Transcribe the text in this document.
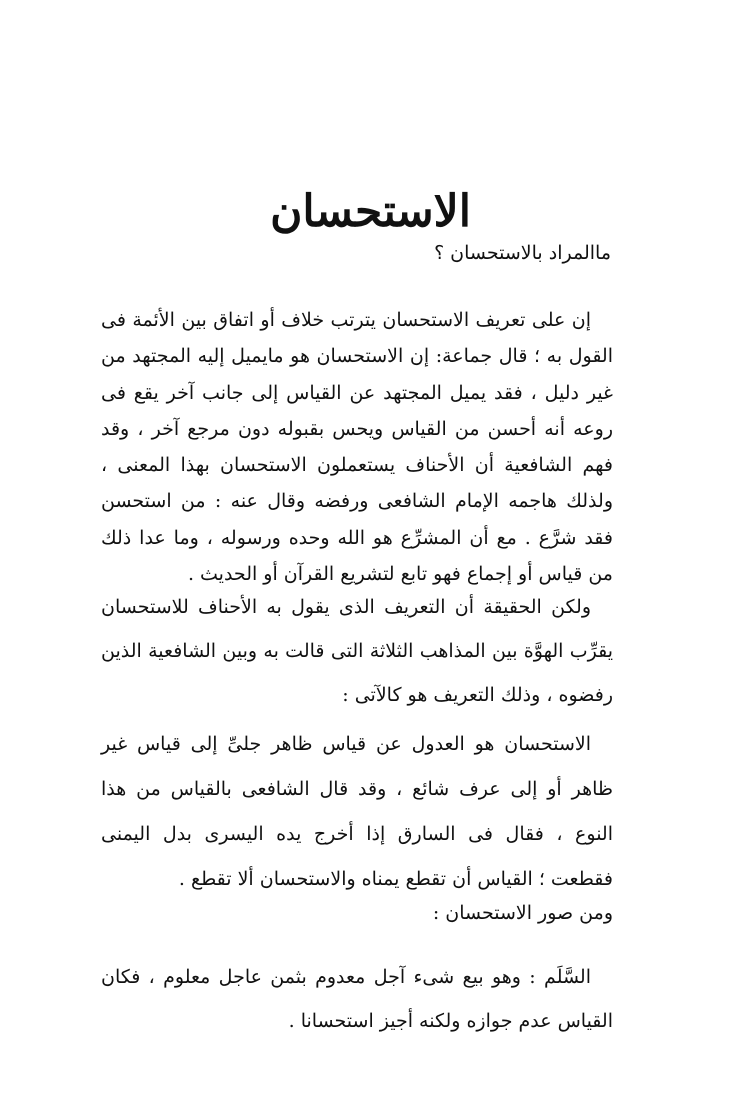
الاستحسان

ماالمراد بالاستحسان ؟

إن على تعريف الاستحسان يترتب خلاف أو اتفاق بين الأئمة فى القول به ؛ قال جماعة: إن الاستحسان هو مايميل إليه المجتهد من غير دليل ، فقد يميل المجتهد عن القياس إلى جانب آخر يقع فى روعه أنه أحسن من القياس ويحس بقبوله دون مرجع آخر ، وقد فهم الشافعية أن الأحناف يستعملون الاستحسان بهذا المعنى ، ولذلك هاجمه الإمام الشافعى ورفضه وقال عنه : من استحسن فقد شرَّع . مع أن المشرِّع هو الله وحده ورسوله ، وما عدا ذلك من قياس أو إجماع فهو تابع لتشريع القرآن أو الحديث .

ولكن الحقيقة أن التعريف الذى يقول به الأحناف للاستحسان يقرِّب الهوَّة بين المذاهب الثلاثة التى قالت به وبين الشافعية الذين رفضوه ، وذلك التعريف هو كالآتى :

الاستحسان هو العدول عن قياس ظاهر جلىِّ إلى قياس غير ظاهر أو إلى عرف شائع ، وقد قال الشافعى بالقياس من هذا النوع ، فقال فى السارق إذا أخرج يده اليسرى بدل اليمنى فقطعت ؛ القياس أن تقطع يمناه والاستحسان ألا تقطع .

ومن صور الاستحسان :

السَّلَم : وهو بيع شىء آجل معدوم بثمن عاجل معلوم ، فكان القياس عدم جوازه ولكنه أجيز استحسانا .
